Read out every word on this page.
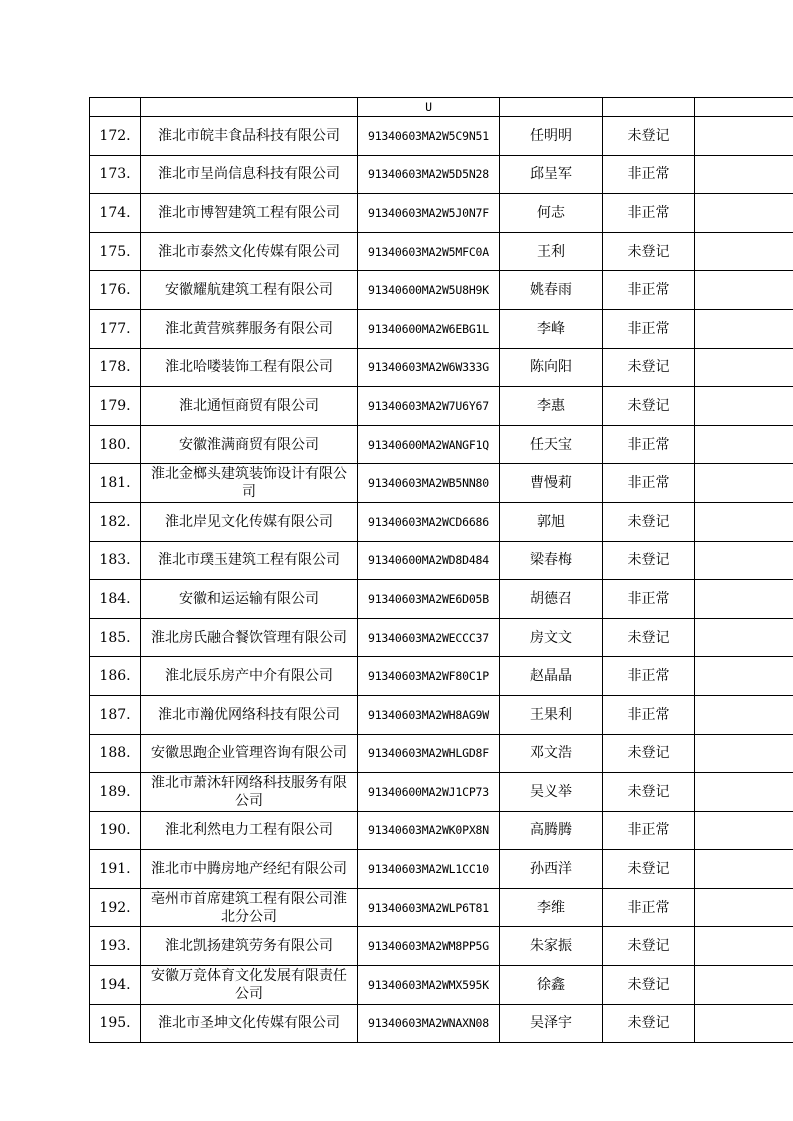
		U			

172.	淮北市皖丰食品科技有限公司	91340603MA2W5C9N51	任明明	未登记	
173.	淮北市呈尚信息科技有限公司	91340603MA2W5D5N28	邱呈军	非正常	
174.	淮北市博智建筑工程有限公司	91340603MA2W5J0N7F	何志	非正常	
175.	淮北市泰然文化传媒有限公司	91340603MA2W5MFC0A	王利	未登记	
176.	安徽耀航建筑工程有限公司	91340600MA2W5U8H9K	姚春雨	非正常	
177.	淮北黄营殡葬服务有限公司	91340600MA2W6EBG1L	李峰	非正常	
178.	淮北哈喽装饰工程有限公司	91340603MA2W6W333G	陈向阳	未登记	
179.	淮北通恒商贸有限公司	91340603MA2W7U6Y67	李惠	未登记	
180.	安徽淮满商贸有限公司	91340600MA2WANGF1Q	任天宝	非正常	
181.	淮北金榔头建筑装饰设计有限公司	91340603MA2WB5NN80	曹慢莉	非正常	
182.	淮北岸见文化传媒有限公司	91340603MA2WCD6686	郭旭	未登记	
183.	淮北市璞玉建筑工程有限公司	91340600MA2WD8D484	梁春梅	未登记	
184.	安徽和运运输有限公司	91340603MA2WE6D05B	胡德召	非正常	
185.	淮北房氏融合餐饮管理有限公司	91340603MA2WECCC37	房文文	未登记	
186.	淮北辰乐房产中介有限公司	91340603MA2WF80C1P	赵晶晶	非正常	
187.	淮北市瀚优网络科技有限公司	91340603MA2WH8AG9W	王果利	非正常	
188.	安徽思跑企业管理咨询有限公司	91340603MA2WHLGD8F	邓文浩	未登记	
189.	淮北市萧沐轩网络科技服务有限公司	91340600MA2WJ1CP73	吴义举	未登记	
190.	淮北利然电力工程有限公司	91340603MA2WK0PX8N	高腾腾	非正常	
191.	淮北市中腾房地产经纪有限公司	91340603MA2WL1CC10	孙西洋	未登记	
192.	亳州市首席建筑工程有限公司淮北分公司	91340603MA2WLP6T81	李维	非正常	
193.	淮北凯扬建筑劳务有限公司	91340603MA2WM8PP5G	朱家振	未登记	
194.	安徽万竞体育文化发展有限责任公司	91340603MA2WMX595K	徐鑫	未登记	
195.	淮北市圣坤文化传媒有限公司	91340603MA2WNAXN08	吴泽宇	未登记	
